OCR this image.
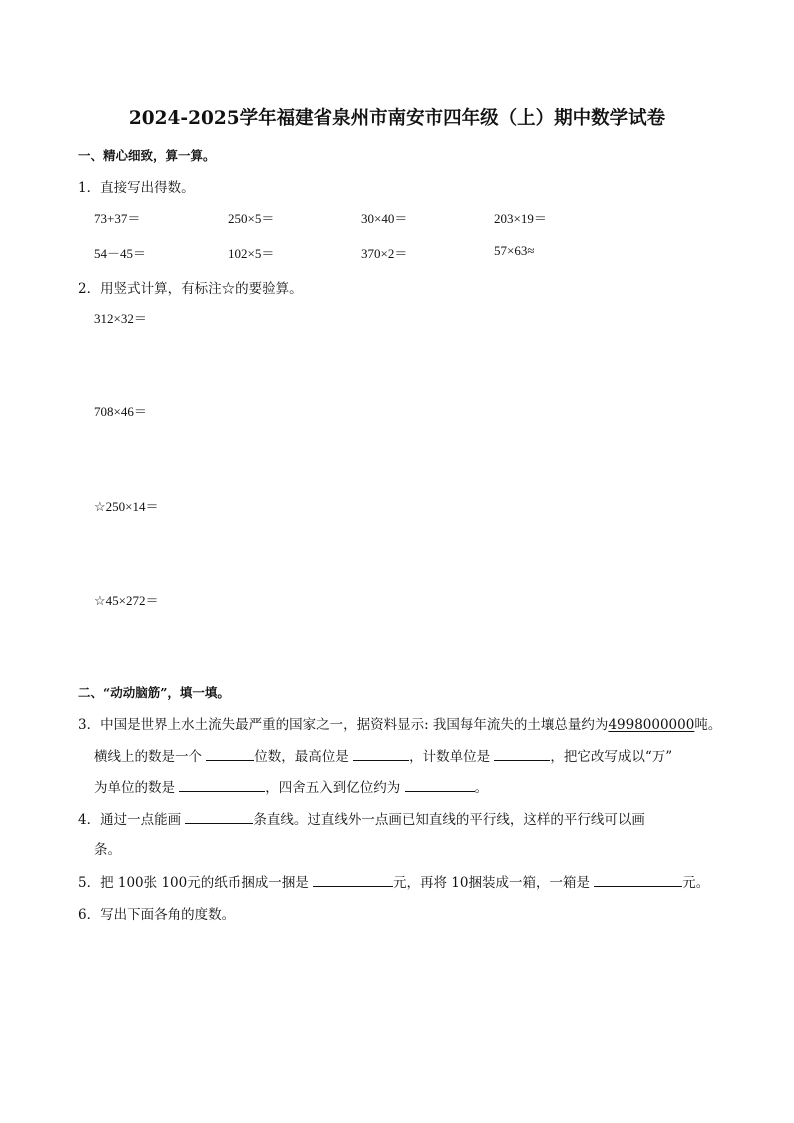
2024-2025学年福建省泉州市南安市四年级（上）期中数学试卷
一、精心细致，算一算。
1．直接写出得数。
73+37＝	250×5＝	30×40＝	203×19＝
54－45＝	102×5＝	370×2＝	57×63≈
2．用竖式计算，有标注☆的要验算。
312×32＝
708×46＝
☆250×14＝
☆45×272＝
二、“动动脑筋”，填一填。
3．中国是世界上水土流失最严重的国家之一，据资料显示: 我国每年流失的土壤总量约为4998000000吨。
横线上的数是一个	位数，最高位是	，计数单位是	，把它改写成以“万”
为单位的数是	，四舍五入到亿位约为	。
4．通过一点能画	条直线。过直线外一点画已知直线的平行线，这样的平行线可以画
条。
5．把 100张 100元的纸币捆成一捆是	元，再将 10捆装成一箱，一箱是	元。
6．写出下面各角的度数。
